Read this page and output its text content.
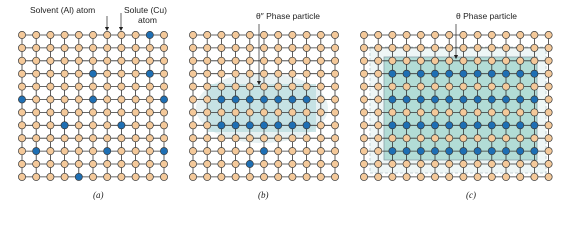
Solvent (Al) atom	Solute (Cu)
atom	θ″ Phase particle	θ Phase particle
(a)	(b)	(c)
